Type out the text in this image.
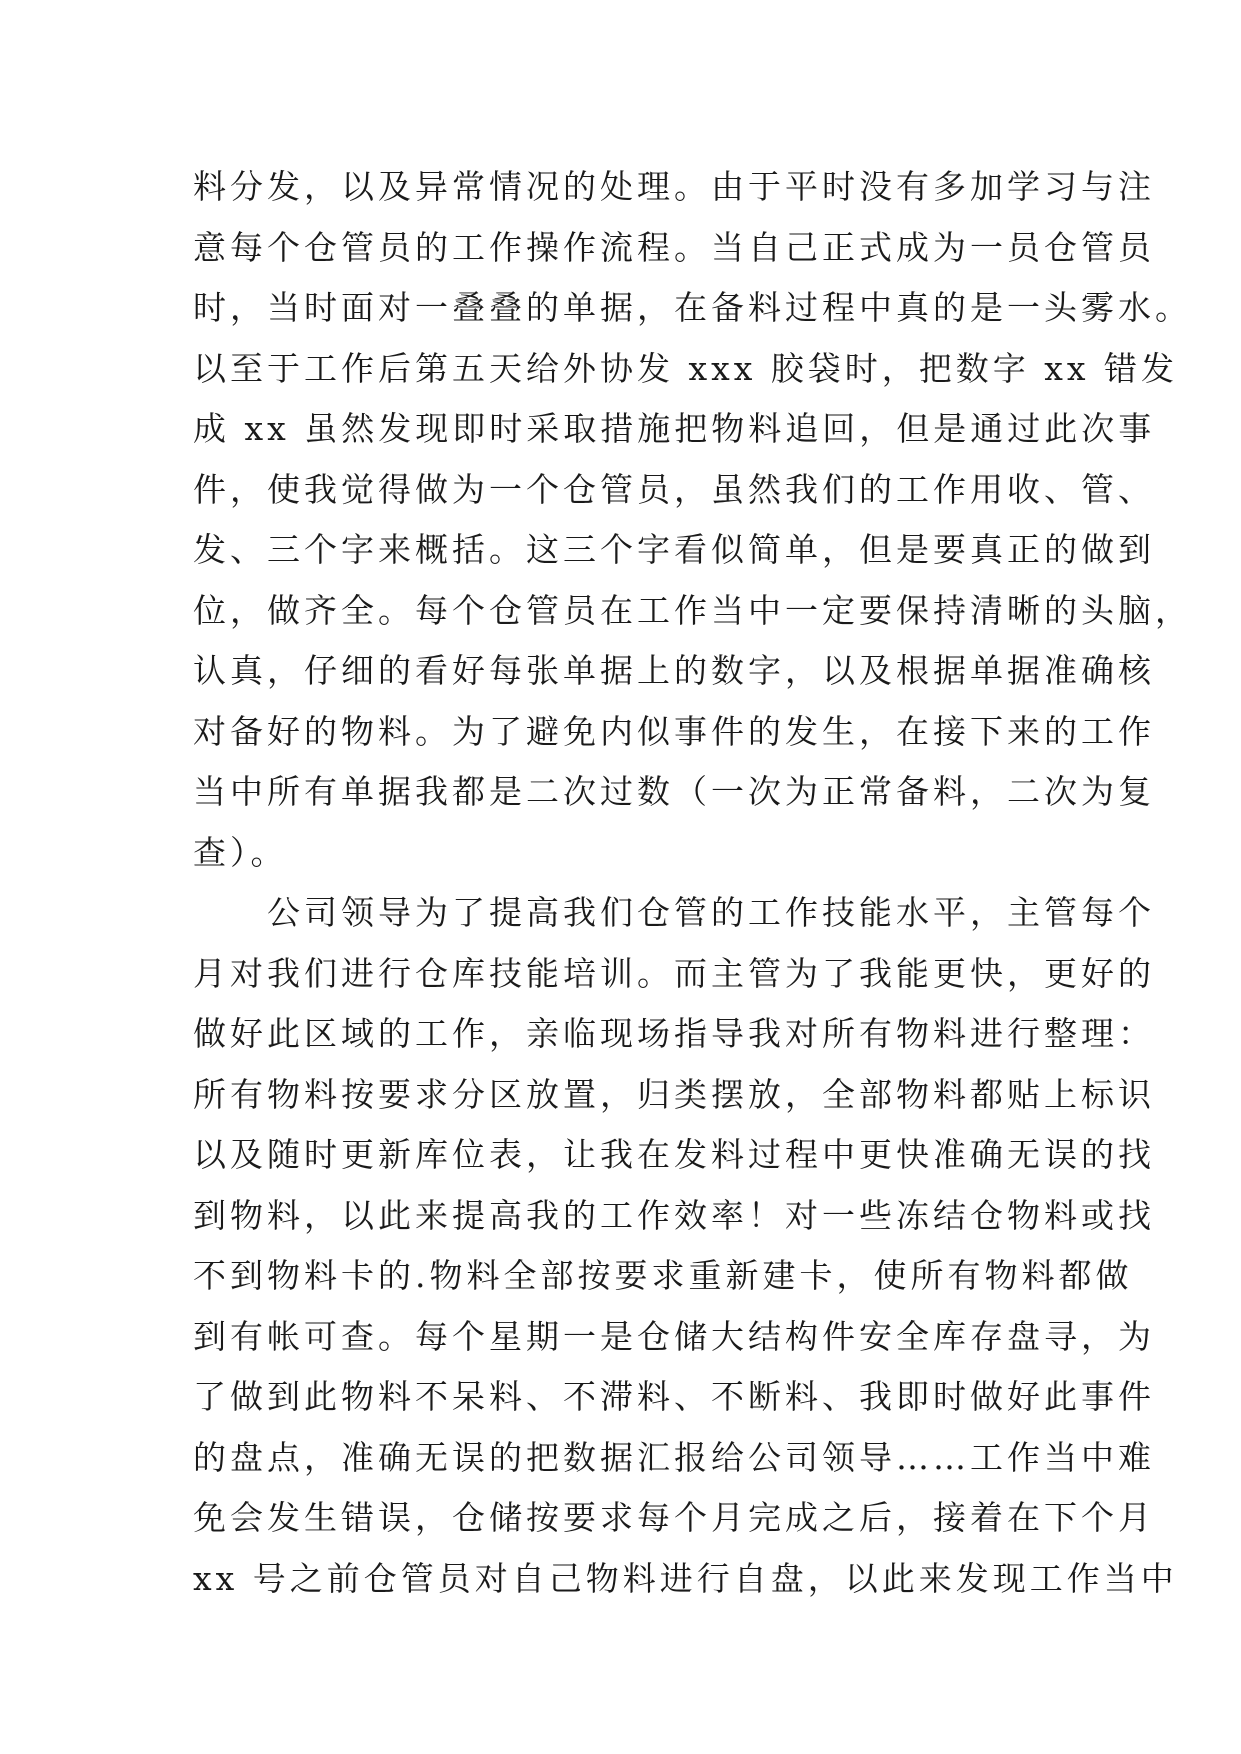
料分发，以及异常情况的处理。由于平时没有多加学习与注
意每个仓管员的工作操作流程。当自己正式成为一员仓管员
时，当时面对一叠叠的单据，在备料过程中真的是一头雾水。
以至于工作后第五天给外协发 xxx 胶袋时，把数字 xx 错发
成 xx 虽然发现即时采取措施把物料追回，但是通过此次事
件，使我觉得做为一个仓管员，虽然我们的工作用收、管、
发、三个字来概括。这三个字看似简单，但是要真正的做到
位，做齐全。每个仓管员在工作当中一定要保持清晰的头脑，
认真，仔细的看好每张单据上的数字，以及根据单据准确核
对备好的物料。为了避免内似事件的发生，在接下来的工作
当中所有单据我都是二次过数（一次为正常备料，二次为复
查）。
　　公司领导为了提高我们仓管的工作技能水平，主管每个
月对我们进行仓库技能培训。而主管为了我能更快，更好的
做好此区域的工作，亲临现场指导我对所有物料进行整理：
所有物料按要求分区放置，归类摆放，全部物料都贴上标识
以及随时更新库位表，让我在发料过程中更快准确无误的找
到物料，以此来提高我的工作效率！对一些冻结仓物料或找
不到物料卡的.物料全部按要求重新建卡，使所有物料都做
到有帐可查。每个星期一是仓储大结构件安全库存盘寻，为
了做到此物料不呆料、不滞料、不断料、我即时做好此事件
的盘点，准确无误的把数据汇报给公司领导……工作当中难
免会发生错误，仓储按要求每个月完成之后，接着在下个月
xx 号之前仓管员对自己物料进行自盘，以此来发现工作当中
